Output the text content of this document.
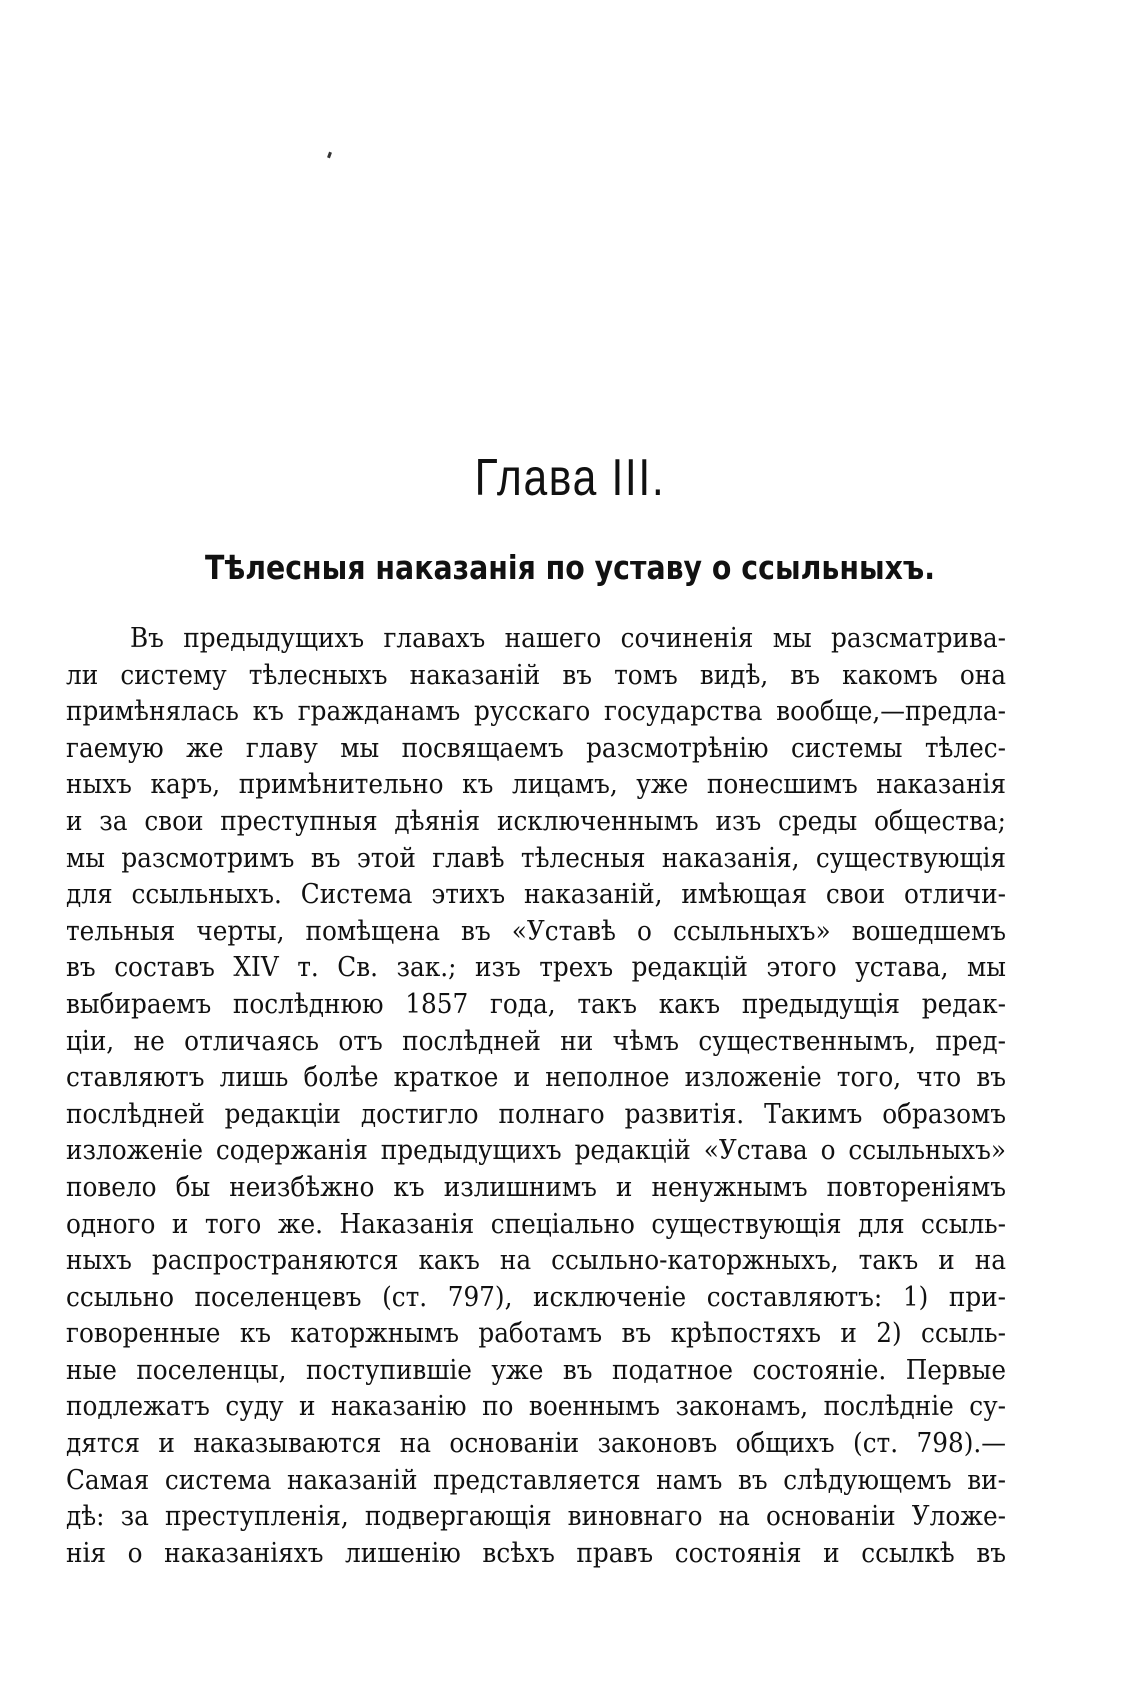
Глава III.
Тѣлесныя наказанія по уставу о ссыльныхъ.
Въ предыдущихъ главахъ нашего сочиненія мы разсматрива-
ли систему тѣлесныхъ наказаній въ томъ видѣ, въ какомъ она
примѣнялась къ гражданамъ русскаго государства вообще,—предла-
гаемую же главу мы посвящаемъ разсмотрѣнію системы тѣлес-
ныхъ каръ, примѣнительно къ лицамъ, уже понесшимъ наказанія
и за свои преступныя дѣянія исключеннымъ изъ среды общества;
мы разсмотримъ въ этой главѣ тѣлесныя наказанія, существующія
для ссыльныхъ. Система этихъ наказаній, имѣющая свои отличи-
тельныя черты, помѣщена въ «Уставѣ о ссыльныхъ» вошедшемъ
въ составъ XIV т. Св. зак.; изъ трехъ редакцій этого устава, мы
выбираемъ послѣднюю 1857 года, такъ какъ предыдущія редак-
ціи, не отличаясь отъ послѣдней ни чѣмъ существеннымъ, пред-
ставляютъ лишь болѣе краткое и неполное изложеніе того, что въ
послѣдней редакціи достигло полнаго развитія. Такимъ образомъ
изложеніе содержанія предыдущихъ редакцій «Устава о ссыльныхъ»
повело бы неизбѣжно къ излишнимъ и ненужнымъ повтореніямъ
одного и того же. Наказанія спеціально существующія для ссыль-
ныхъ распространяются какъ на ссыльно-каторжныхъ, такъ и на
ссыльно поселенцевъ (ст. 797), исключеніе составляютъ: 1) при-
говоренные къ каторжнымъ работамъ въ крѣпостяхъ и 2) ссыль-
ные поселенцы, поступившіе уже въ податное состояніе. Первые
подлежатъ суду и наказанію по военнымъ законамъ, послѣдніе су-
дятся и наказываются на основаніи законовъ общихъ (ст. 798).—
Самая система наказаній представляется намъ въ слѣдующемъ ви-
дѣ: за преступленія, подвергающія виновнаго на основаніи Уложе-
нія о наказаніяхъ лишенію всѣхъ правъ состоянія и ссылкѣ въ
